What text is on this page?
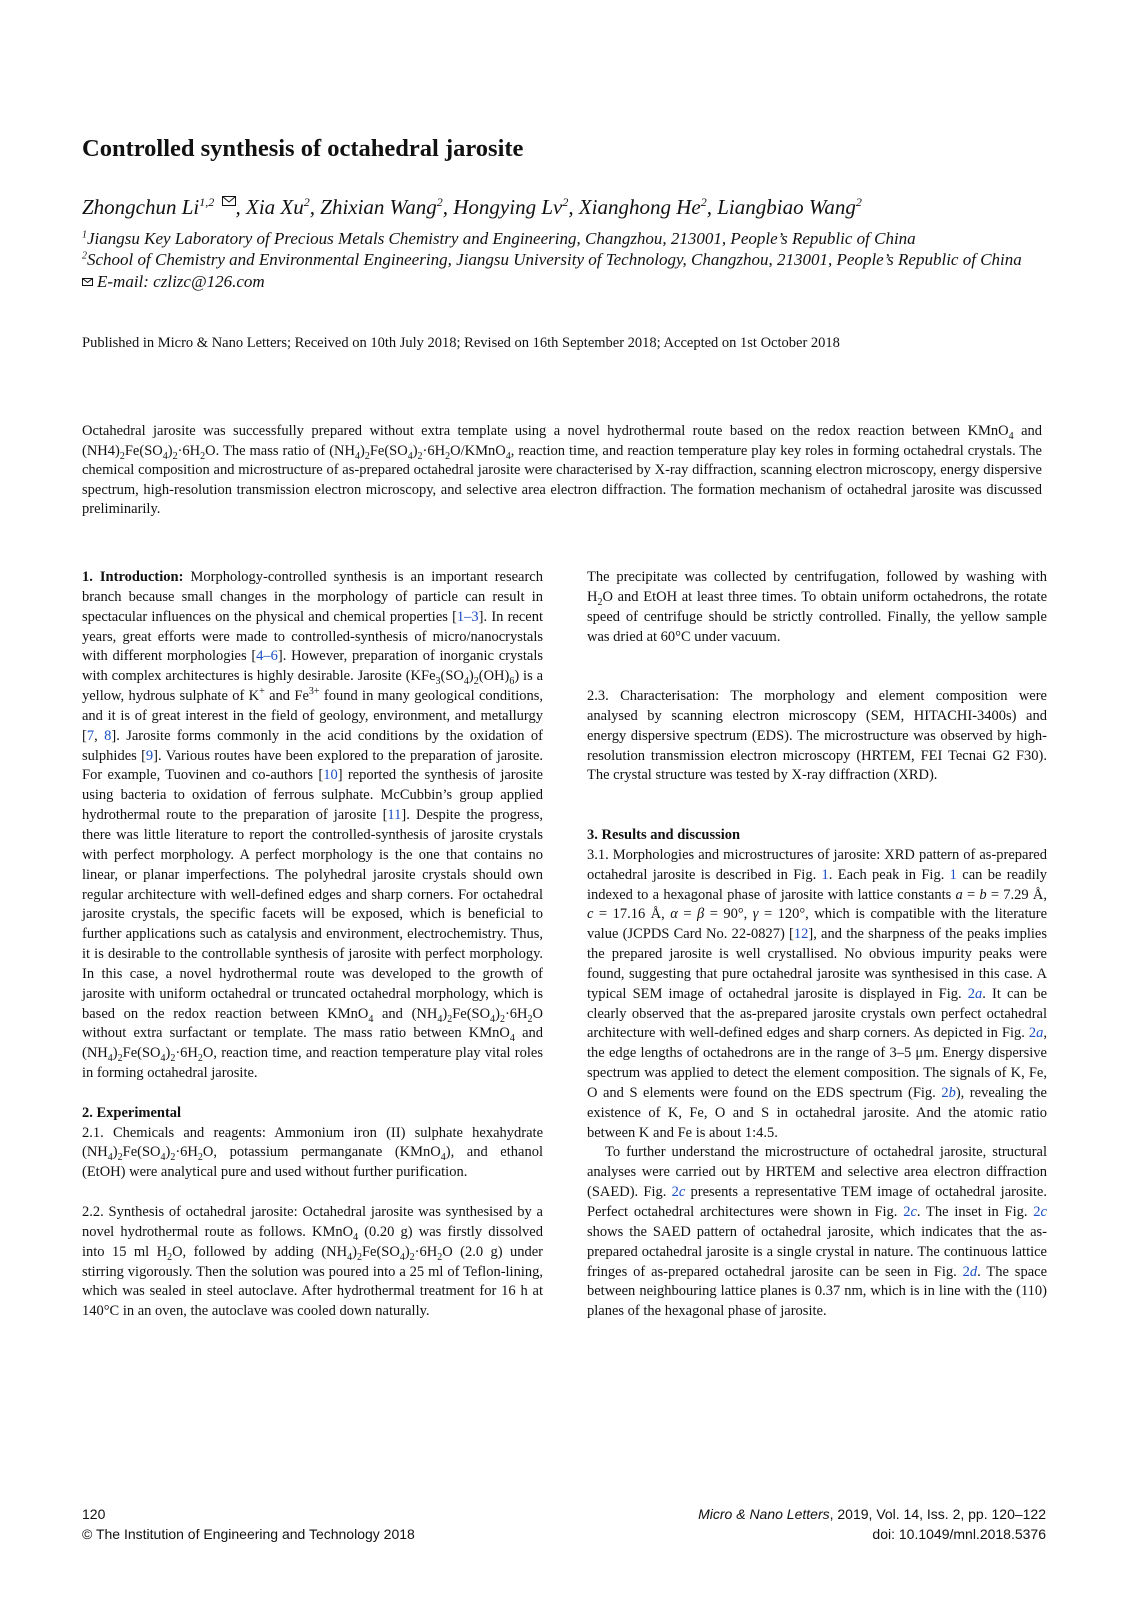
Controlled synthesis of octahedral jarosite
Zhongchun Li$^{1,2}$ , Xia Xu$^2$, Zhixian Wang$^2$, Hongying Lv$^2$, Xianghong He$^2$, Liangbiao Wang$^2$
$^1$Jiangsu Key Laboratory of Precious Metals Chemistry and Engineering, Changzhou, 213001, People’s Republic of China
$^2$School of Chemistry and Environmental Engineering, Jiangsu University of Technology, Changzhou, 213001, People’s Republic of China
E-mail: czlizc@126.com
Published in Micro & Nano Letters; Received on 10th July 2018; Revised on 16th September 2018; Accepted on 1st October 2018
Octahedral jarosite was successfully prepared without extra template using a novel hydrothermal route based on the redox reaction between KMnO$_4$ and $(NH4)_2Fe(SO_4)_2\cdot 6H_2O$. The mass ratio of $(NH_4)_2Fe(SO_4)_2\cdot 6H_2O/KMnO_4$, reaction time, and reaction temperature play key roles in forming octahedral crystals. The chemical composition and microstructure of as-prepared octahedral jarosite were characterised by X-ray diffraction, scanning electron microscopy, energy dispersive spectrum, high-resolution transmission electron microscopy, and selective area electron diffraction. The formation mechanism of octahedral jarosite was discussed preliminarily.

1. Introduction: Morphology-controlled synthesis is an important research branch because small changes in the morphology of particle can result in spectacular influences on the physical and chemical properties [1–3]. In recent years, great efforts were made to controlled-synthesis of micro/nanocrystals with different morphologies [4–6]. However, preparation of inorganic crystals with complex architectures is highly desirable. Jarosite $(KFe_3(SO_4)_2(OH)_6)$ is a yellow, hydrous sulphate of K+ and $Fe^{3+}$ found in many geological conditions, and it is of great interest in the field of geology, environment, and metallurgy [7, 8]. Jarosite forms commonly in the acid conditions by the oxidation of sulphides [9]. Various routes have been explored to the preparation of jarosite. For example, Tuovinen and co-authors [10] reported the synthesis of jarosite using bacteria to oxidation of ferrous sulphate. McCubbin’s group applied hydrothermal route to the preparation of jarosite [11]. Despite the progress, there was little literature to report the controlled-synthesis of jarosite crystals with perfect morphology. A perfect morphology is the one that contains no linear, or planar imperfections. The polyhedral jarosite crystals should own regular architecture with well-defined edges and sharp corners. For octahedral jarosite crystals, the specific facets will be exposed, which is beneficial to further applications such as catalysis and environment, electrochemistry. Thus, it is desirable to the controllable synthesis of jarosite with perfect morphology. In this case, a novel hydrothermal route was developed to the growth of jarosite with uniform octahedral or truncated octahedral morphology, which is based on the redox reaction between KMnO$_4$ and $(NH_4)_2Fe(SO_4)_2\cdot 6H_2O$ without extra surfactant or template. The mass ratio between KMnO$_4$ and $(NH_4)_2Fe(SO_4)_2\cdot 6H_2O$, reaction time, and reaction temperature play vital roles in forming octahedral jarosite.

2. Experimental

2.1. Chemicals and reagents: Ammonium iron (II) sulphate hexahydrate $(NH_4)_2Fe(SO_4)_2\cdot 6H_2O$, potassium permanganate (KMnO$_4$), and ethanol (EtOH) were analytical pure and used without further purification.

2.2. Synthesis of octahedral jarosite: Octahedral jarosite was synthesised by a novel hydrothermal route as follows. KMnO$_4$ (0.20 g) was firstly dissolved into 15 ml $H_2O$, followed by adding $(NH_4)_2Fe(SO_4)_2\cdot 6H_2O$ (2.0 g) under stirring vigorously. Then the solution was poured into a 25 ml of Teflon-lining, which was sealed in steel autoclave. After hydrothermal treatment for 16 h at 140°C in an oven, the autoclave was cooled down naturally.

The precipitate was collected by centrifugation, followed by washing with $H_2O$ and EtOH at least three times. To obtain uniform octahedrons, the rotate speed of centrifuge should be strictly controlled. Finally, the yellow sample was dried at 60°C under vacuum.

2.3. Characterisation: The morphology and element composition were analysed by scanning electron microscopy (SEM, HITACHI-3400s) and energy dispersive spectrum (EDS). The microstructure was observed by high-resolution transmission electron microscopy (HRTEM, FEI Tecnai G2 F30). The crystal structure was tested by X-ray diffraction (XRD).

3. Results and discussion

3.1. Morphologies and microstructures of jarosite: XRD pattern of as-prepared octahedral jarosite is described in Fig. 1. Each peak in Fig. 1 can be readily indexed to a hexagonal phase of jarosite with lattice constants a = b = 7.29 Å, c = 17.16 Å, α = β = 90°, γ = 120°, which is compatible with the literature value (JCPDS Card No. 22-0827) [12], and the sharpness of the peaks implies the prepared jarosite is well crystallised. No obvious impurity peaks were found, suggesting that pure octahedral jarosite was synthesised in this case. A typical SEM image of octahedral jarosite is displayed in Fig. 2a. It can be clearly observed that the as-prepared jarosite crystals own perfect octahedral architecture with well-defined edges and sharp corners. As depicted in Fig. 2a, the edge lengths of octahedrons are in the range of 3–5 μm. Energy dispersive spectrum was applied to detect the element composition. The signals of K, Fe, O and S elements were found on the EDS spectrum (Fig. 2b), revealing the existence of K, Fe, O and S in octahedral jarosite. And the atomic ratio between K and Fe is about 1:4.5.

To further understand the microstructure of octahedral jarosite, structural analyses were carried out by HRTEM and selective area electron diffraction (SAED). Fig. 2c presents a representative TEM image of octahedral jarosite. Perfect octahedral architectures were shown in Fig. 2c. The inset in Fig. 2c shows the SAED pattern of octahedral jarosite, which indicates that the as-prepared octahedral jarosite is a single crystal in nature. The continuous lattice fringes of as-prepared octahedral jarosite can be seen in Fig. 2d. The space between neighbouring lattice planes is 0.37 nm, which is in line with the (110) planes of the hexagonal phase of jarosite.

120
© The Institution of Engineering and Technology 2018
Micro & Nano Letters, 2019, Vol. 14, Iss. 2, pp. 120–122
doi: 10.1049/mnl.2018.5376
